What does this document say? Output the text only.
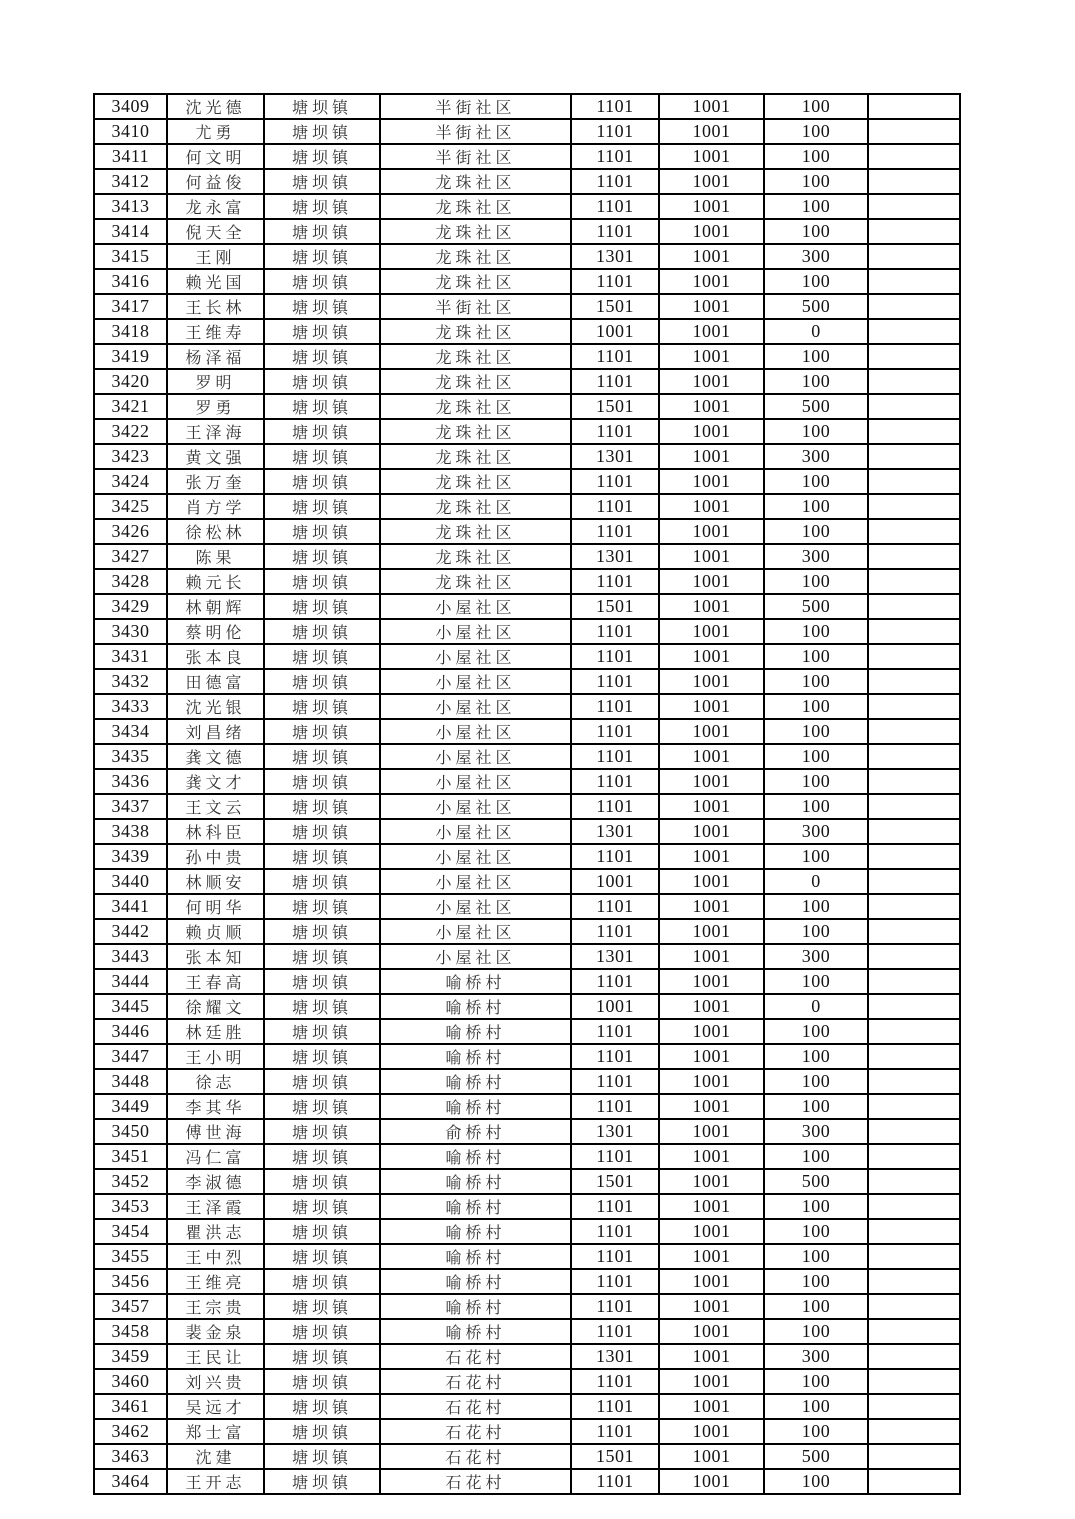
3409	沈光德	塘坝镇	半街社区	1101	1001	100	
3410	尤勇	塘坝镇	半街社区	1101	1001	100	
3411	何文明	塘坝镇	半街社区	1101	1001	100	
3412	何益俊	塘坝镇	龙珠社区	1101	1001	100	
3413	龙永富	塘坝镇	龙珠社区	1101	1001	100	
3414	倪天全	塘坝镇	龙珠社区	1101	1001	100	
3415	王刚	塘坝镇	龙珠社区	1301	1001	300	
3416	赖光国	塘坝镇	龙珠社区	1101	1001	100	
3417	王长林	塘坝镇	半街社区	1501	1001	500	
3418	王维寿	塘坝镇	龙珠社区	1001	1001	0	
3419	杨泽福	塘坝镇	龙珠社区	1101	1001	100	
3420	罗明	塘坝镇	龙珠社区	1101	1001	100	
3421	罗勇	塘坝镇	龙珠社区	1501	1001	500	
3422	王泽海	塘坝镇	龙珠社区	1101	1001	100	
3423	黄文强	塘坝镇	龙珠社区	1301	1001	300	
3424	张万奎	塘坝镇	龙珠社区	1101	1001	100	
3425	肖方学	塘坝镇	龙珠社区	1101	1001	100	
3426	徐松林	塘坝镇	龙珠社区	1101	1001	100	
3427	陈果	塘坝镇	龙珠社区	1301	1001	300	
3428	赖元长	塘坝镇	龙珠社区	1101	1001	100	
3429	林朝辉	塘坝镇	小屋社区	1501	1001	500	
3430	蔡明伦	塘坝镇	小屋社区	1101	1001	100	
3431	张本良	塘坝镇	小屋社区	1101	1001	100	
3432	田德富	塘坝镇	小屋社区	1101	1001	100	
3433	沈光银	塘坝镇	小屋社区	1101	1001	100	
3434	刘昌绪	塘坝镇	小屋社区	1101	1001	100	
3435	龚文德	塘坝镇	小屋社区	1101	1001	100	
3436	龚文才	塘坝镇	小屋社区	1101	1001	100	
3437	王文云	塘坝镇	小屋社区	1101	1001	100	
3438	林科臣	塘坝镇	小屋社区	1301	1001	300	
3439	孙中贵	塘坝镇	小屋社区	1101	1001	100	
3440	林顺安	塘坝镇	小屋社区	1001	1001	0	
3441	何明华	塘坝镇	小屋社区	1101	1001	100	
3442	赖贞顺	塘坝镇	小屋社区	1101	1001	100	
3443	张本知	塘坝镇	小屋社区	1301	1001	300	
3444	王春高	塘坝镇	喻桥村	1101	1001	100	
3445	徐耀文	塘坝镇	喻桥村	1001	1001	0	
3446	林廷胜	塘坝镇	喻桥村	1101	1001	100	
3447	王小明	塘坝镇	喻桥村	1101	1001	100	
3448	徐志	塘坝镇	喻桥村	1101	1001	100	
3449	李其华	塘坝镇	喻桥村	1101	1001	100	
3450	傅世海	塘坝镇	俞桥村	1301	1001	300	
3451	冯仁富	塘坝镇	喻桥村	1101	1001	100	
3452	李淑德	塘坝镇	喻桥村	1501	1001	500	
3453	王泽霞	塘坝镇	喻桥村	1101	1001	100	
3454	瞿洪志	塘坝镇	喻桥村	1101	1001	100	
3455	王中烈	塘坝镇	喻桥村	1101	1001	100	
3456	王维亮	塘坝镇	喻桥村	1101	1001	100	
3457	王宗贵	塘坝镇	喻桥村	1101	1001	100	
3458	裴金泉	塘坝镇	喻桥村	1101	1001	100	
3459	王民让	塘坝镇	石花村	1301	1001	300	
3460	刘兴贵	塘坝镇	石花村	1101	1001	100	
3461	吴远才	塘坝镇	石花村	1101	1001	100	
3462	郑士富	塘坝镇	石花村	1101	1001	100	
3463	沈建	塘坝镇	石花村	1501	1001	500	
3464	王开志	塘坝镇	石花村	1101	1001	100	
